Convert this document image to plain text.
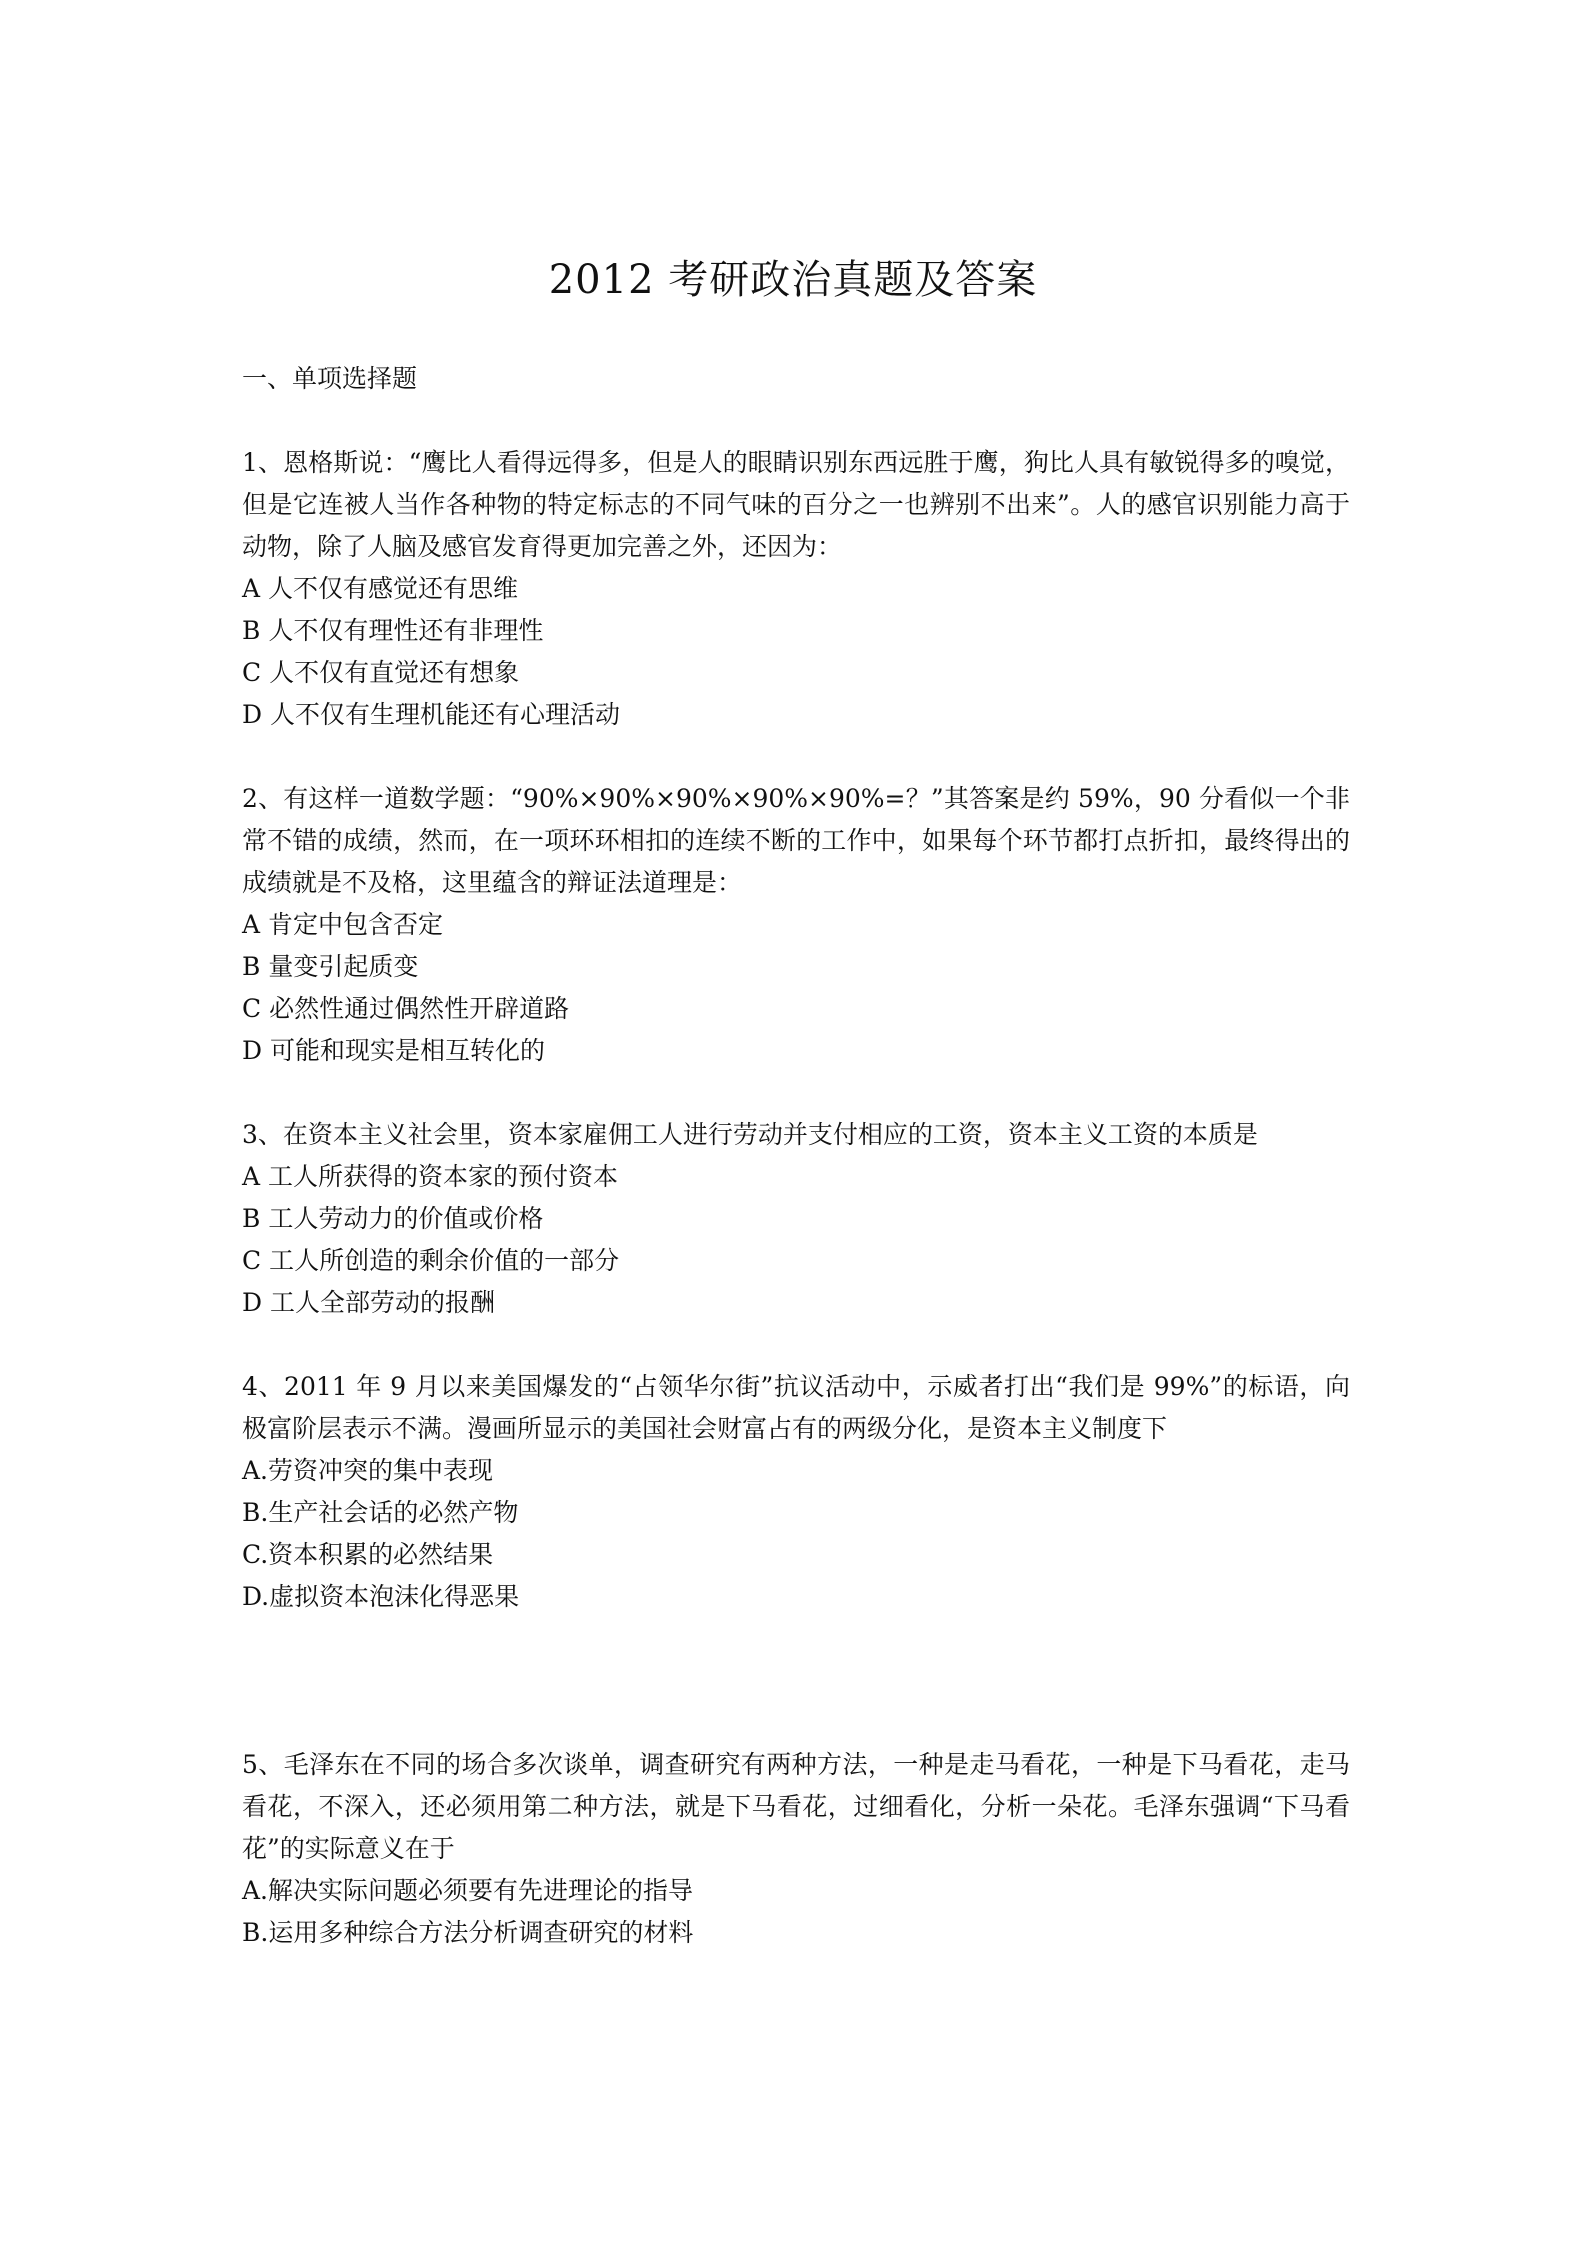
2012 考研政治真题及答案

一、单项选择题

1、恩格斯说：“鹰比人看得远得多，但是人的眼睛识别东西远胜于鹰，狗比人具有敏锐得多的嗅觉，但是它连被人当作各种物的特定标志的不同气味的百分之一也辨别不出来”。人的感官识别能力高于动物，除了人脑及感官发育得更加完善之外，还因为：

A 人不仅有感觉还有思维
B 人不仅有理性还有非理性
C 人不仅有直觉还有想象
D 人不仅有生理机能还有心理活动

2、有这样一道数学题：“90%×90%×90%×90%×90%=？”其答案是约 59%，90 分看似一个非常不错的成绩，然而，在一项环环相扣的连续不断的工作中，如果每个环节都打点折扣，最终得出的成绩就是不及格，这里蕴含的辩证法道理是：

A 肯定中包含否定
B 量变引起质变
C 必然性通过偶然性开辟道路
D 可能和现实是相互转化的

3、在资本主义社会里，资本家雇佣工人进行劳动并支付相应的工资，资本主义工资的本质是

A 工人所获得的资本家的预付资本
B 工人劳动力的价值或价格
C 工人所创造的剩余价值的一部分
D 工人全部劳动的报酬

4、2011 年 9 月以来美国爆发的“占领华尔街”抗议活动中，示威者打出“我们是 99%”的标语，向极富阶层表示不满。漫画所显示的美国社会财富占有的两级分化，是资本主义制度下

A.劳资冲突的集中表现
B.生产社会话的必然产物
C.资本积累的必然结果
D.虚拟资本泡沫化得恶果

5、毛泽东在不同的场合多次谈单，调查研究有两种方法，一种是走马看花，一种是下马看花，走马看花，不深入，还必须用第二种方法，就是下马看花，过细看化，分析一朵花。毛泽东强调“下马看花”的实际意义在于

A.解决实际问题必须要有先进理论的指导
B.运用多种综合方法分析调查研究的材料
